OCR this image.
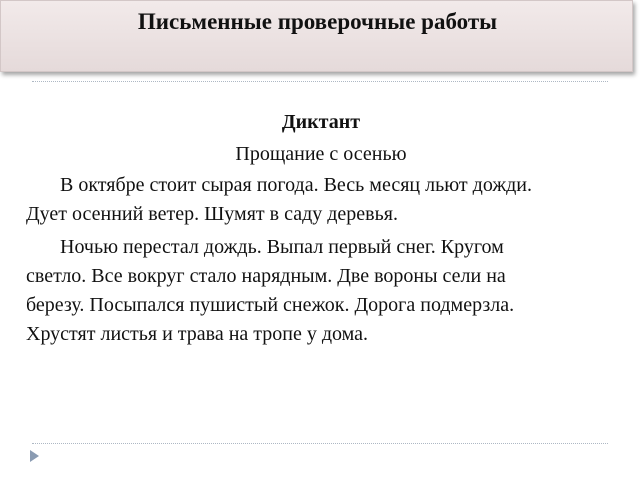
Письменные проверочные работы

Диктант

Прощание с осенью

В октябре стоит сырая погода. Весь месяц льют дожди.
Дует осенний ветер. Шумят в саду деревья.
Ночью перестал дождь. Выпал первый снег. Кругом
светло. Все вокруг стало нарядным. Две вороны сели на
березу. Посыпался пушистый снежок. Дорога подмерзла.
Хрустят листья и трава на тропе у дома.
